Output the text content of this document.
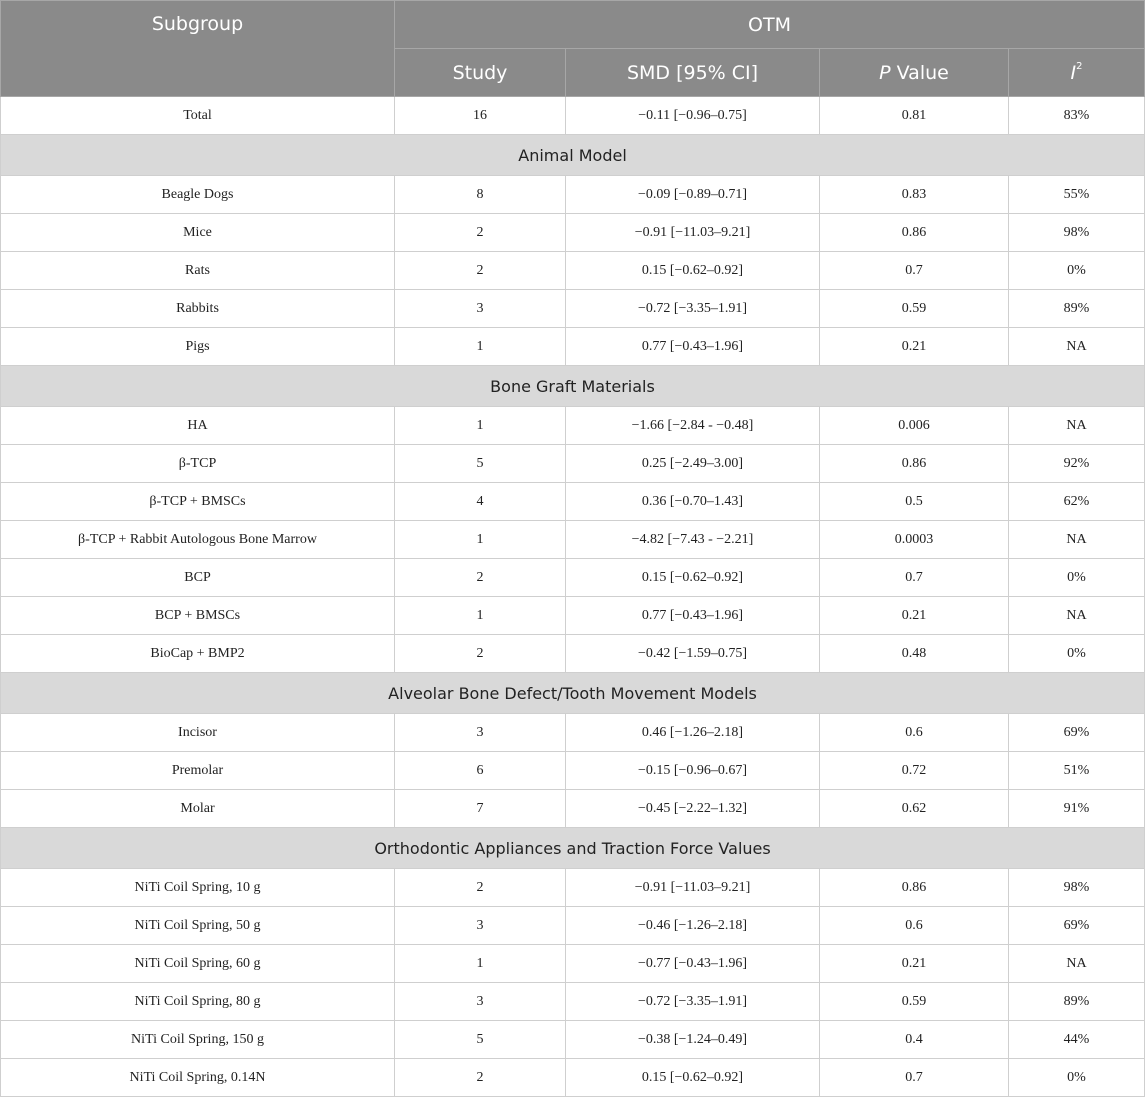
Subgroup	OTM			
	Study	SMD [95% CI]	P Value	$I^2$
Total	16	−0.11 [−0.96–0.75]	0.81	83%
Animal Model				
Beagle Dogs	8	−0.09 [−0.89–0.71]	0.83	55%
Mice	2	−0.91 [−11.03–9.21]	0.86	98%
Rats	2	0.15 [−0.62–0.92]	0.7	0%
Rabbits	3	−0.72 [−3.35–1.91]	0.59	89%
Pigs	1	0.77 [−0.43–1.96]	0.21	NA
Bone Graft Materials				
HA	1	−1.66 [−2.84 - −0.48]	0.006	NA
β-TCP	5	0.25 [−2.49–3.00]	0.86	92%
β-TCP + BMSCs	4	0.36 [−0.70–1.43]	0.5	62%
β-TCP + Rabbit Autologous Bone Marrow	1	−4.82 [−7.43 - −2.21]	0.0003	NA
BCP	2	0.15 [−0.62–0.92]	0.7	0%
BCP + BMSCs	1	0.77 [−0.43–1.96]	0.21	NA
BioCap + BMP2	2	−0.42 [−1.59–0.75]	0.48	0%
Alveolar Bone Defect/Tooth Movement Models				
Incisor	3	0.46 [−1.26–2.18]	0.6	69%
Premolar	6	−0.15 [−0.96–0.67]	0.72	51%
Molar	7	−0.45 [−2.22–1.32]	0.62	91%
Orthodontic Appliances and Traction Force Values				
NiTi Coil Spring, 10 g	2	−0.91 [−11.03–9.21]	0.86	98%
NiTi Coil Spring, 50 g	3	−0.46 [−1.26–2.18]	0.6	69%
NiTi Coil Spring, 60 g	1	−0.77 [−0.43–1.96]	0.21	NA
NiTi Coil Spring, 80 g	3	−0.72 [−3.35–1.91]	0.59	89%
NiTi Coil Spring, 150 g	5	−0.38 [−1.24–0.49]	0.4	44%
NiTi Coil Spring, 0.14N	2	0.15 [−0.62–0.92]	0.7	0%
